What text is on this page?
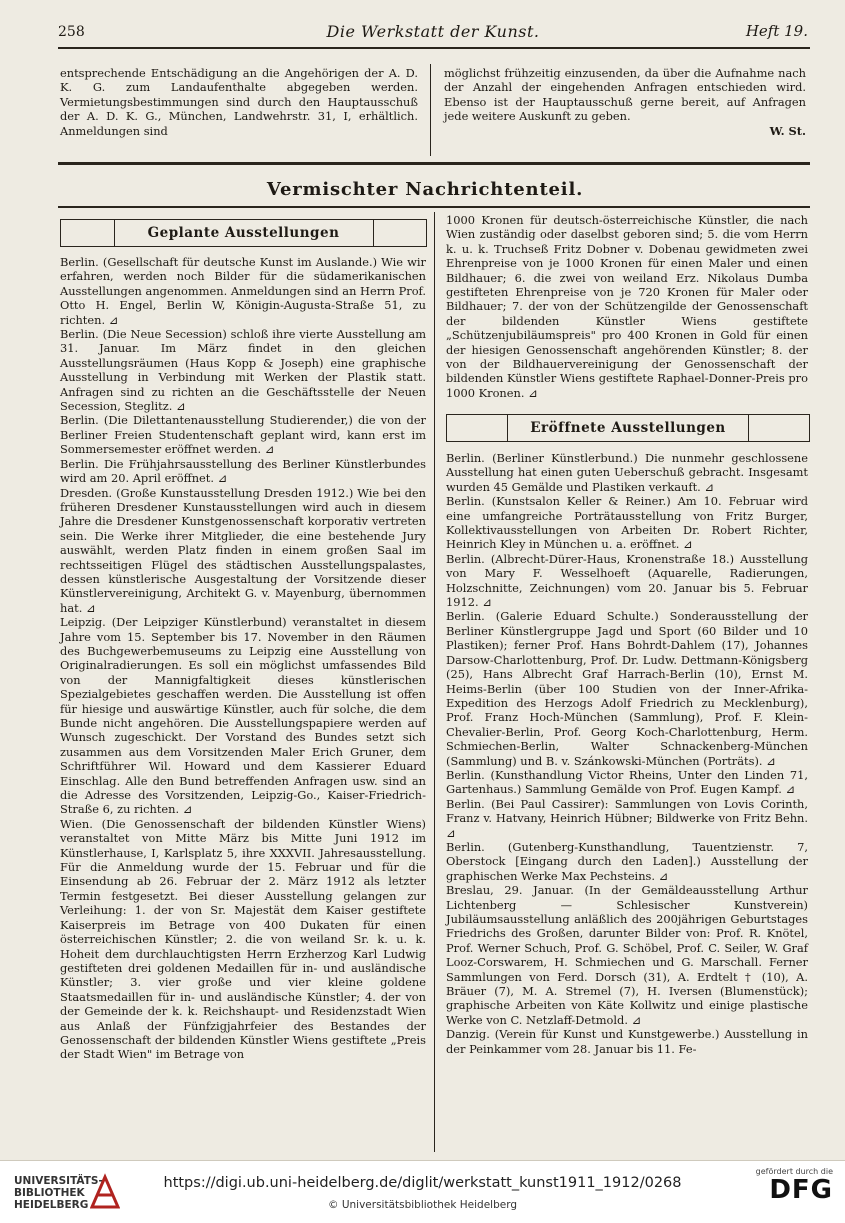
258	Die Werkstatt der Kunst.	Heft 19.

entsprechende Entschädigung an die Angehörigen der A. D. K. G. zum Landaufenthalte abgegeben werden. Vermietungsbestimmungen sind durch den Hauptausschuß der A. D. K. G., München, Landwehrstr. 31, I, erhältlich. Anmeldungen sind

möglichst frühzeitig einzusenden, da über die Aufnahme nach der Anzahl der eingehenden Anfragen entschieden wird. Ebenso ist der Hauptausschuß gerne bereit, auf Anfragen jede weitere Auskunft zu geben.

W. St.

Vermischter Nachrichtenteil.
Geplante Ausstellungen

Berlin. (Gesellschaft für deutsche Kunst im Auslande.) Wie wir erfahren, werden noch Bilder für die südamerikanischen Ausstellungen angenommen. Anmeldungen sind an Herrn Prof. Otto H. Engel, Berlin W, Königin-Augusta-Straße 51, zu richten. ⊿

Berlin. (Die Neue Secession) schloß ihre vierte Ausstellung am 31. Januar. Im März findet in den gleichen Ausstellungsräumen (Haus Kopp & Joseph) eine graphische Ausstellung in Verbindung mit Werken der Plastik statt. Anfragen sind zu richten an die Geschäftsstelle der Neuen Secession, Steglitz. ⊿

Berlin. (Die Dilettantenausstellung Studierender,) die von der Berliner Freien Studentenschaft geplant wird, kann erst im Sommersemester eröffnet werden. ⊿

Berlin. Die Frühjahrsausstellung des Berliner Künstlerbundes wird am 20. April eröffnet. ⊿

Dresden. (Große Kunstausstellung Dresden 1912.) Wie bei den früheren Dresdener Kunstausstellungen wird auch in diesem Jahre die Dresdener Kunstgenossenschaft korporativ vertreten sein. Die Werke ihrer Mitglieder, die eine bestehende Jury auswählt, werden Platz finden in einem großen Saal im rechtsseitigen Flügel des städtischen Ausstellungspalastes, dessen künstlerische Ausgestaltung der Vorsitzende dieser Künstlervereinigung, Architekt G. v. Mayenburg, übernommen hat. ⊿

Leipzig. (Der Leipziger Künstlerbund) veranstaltet in diesem Jahre vom 15. September bis 17. November in den Räumen des Buchgewerbemuseums zu Leipzig eine Ausstellung von Originalradierungen. Es soll ein möglichst umfassendes Bild von der Mannigfaltigkeit dieses künstlerischen Spezialgebietes geschaffen werden. Die Ausstellung ist offen für hiesige und auswärtige Künstler, auch für solche, die dem Bunde nicht angehören. Die Ausstellungspapiere werden auf Wunsch zugeschickt. Der Vorstand des Bundes setzt sich zusammen aus dem Vorsitzenden Maler Erich Gruner, dem Schriftführer Wil. Howard und dem Kassierer Eduard Einschlag. Alle den Bund betreffenden Anfragen usw. sind an die Adresse des Vorsitzenden, Leipzig-Go., Kaiser-Friedrich-Straße 6, zu richten. ⊿

Wien. (Die Genossenschaft der bildenden Künstler Wiens) veranstaltet von Mitte März bis Mitte Juni 1912 im Künstlerhause, I, Karlsplatz 5, ihre XXXVII. Jahresausstellung. Für die Anmeldung wurde der 15. Februar und für die Einsendung ab 26. Februar der 2. März 1912 als letzter Termin festgesetzt. Bei dieser Ausstellung gelangen zur Verleihung: 1. der von Sr. Majestät dem Kaiser gestiftete Kaiserpreis im Betrage von 400 Dukaten für einen österreichischen Künstler; 2. die von weiland Sr. k. u. k. Hoheit dem durchlauchtigsten Herrn Erzherzog Karl Ludwig gestifteten drei goldenen Medaillen für in- und ausländische Künstler; 3. vier große und vier kleine goldene Staatsmedaillen für in- und ausländische Künstler; 4. der von der Gemeinde der k. k. Reichshaupt- und Residenzstadt Wien aus Anlaß der Fünfzigjahrfeier des Bestandes der Genossenschaft der bildenden Künstler Wiens gestiftete „Preis der Stadt Wien" im Betrage von

1000 Kronen für deutsch-österreichische Künstler, die nach Wien zuständig oder daselbst geboren sind; 5. die vom Herrn k. u. k. Truchseß Fritz Dobner v. Dobenau gewidmeten zwei Ehrenpreise von je 1000 Kronen für einen Maler und einen Bildhauer; 6. die zwei von weiland Erz. Nikolaus Dumba gestifteten Ehrenpreise von je 720 Kronen für Maler oder Bildhauer; 7. der von der Schützengilde der Genossenschaft der bildenden Künstler Wiens gestiftete „Schützenjubiläumspreis" pro 400 Kronen in Gold für einen der hiesigen Genossenschaft angehörenden Künstler; 8. der von der Bildhauervereinigung der Genossenschaft der bildenden Künstler Wiens gestiftete Raphael-Donner-Preis pro 1000 Kronen. ⊿

Eröffnete Ausstellungen

Berlin. (Berliner Künstlerbund.) Die nunmehr geschlossene Ausstellung hat einen guten Ueberschuß gebracht. Insgesamt wurden 45 Gemälde und Plastiken verkauft. ⊿

Berlin. (Kunstsalon Keller & Reiner.) Am 10. Februar wird eine umfangreiche Porträtausstellung von Fritz Burger, Kollektivausstellungen von Arbeiten Dr. Robert Richter, Heinrich Kley in München u. a. eröffnet. ⊿

Berlin. (Albrecht-Dürer-Haus, Kronenstraße 18.) Ausstellung von Mary F. Wesselhoeft (Aquarelle, Radierungen, Holzschnitte, Zeichnungen) vom 20. Januar bis 5. Februar 1912. ⊿

Berlin. (Galerie Eduard Schulte.) Sonderausstellung der Berliner Künstlergruppe Jagd und Sport (60 Bilder und 10 Plastiken); ferner Prof. Hans Bohrdt-Dahlem (17), Johannes Darsow-Charlottenburg, Prof. Dr. Ludw. Dettmann-Königsberg (25), Hans Albrecht Graf Harrach-Berlin (10), Ernst M. Heims-Berlin (über 100 Studien von der Inner-Afrika-Expedition des Herzogs Adolf Friedrich zu Mecklenburg), Prof. Franz Hoch-München (Sammlung), Prof. F. Klein-Chevalier-Berlin, Prof. Georg Koch-Charlottenburg, Herm. Schmiechen-Berlin, Walter Schnackenberg-München (Sammlung) und B. v. Szánkowski-München (Porträts). ⊿

Berlin. (Kunsthandlung Victor Rheins, Unter den Linden 71, Gartenhaus.) Sammlung Gemälde von Prof. Eugen Kampf. ⊿

Berlin. (Bei Paul Cassirer): Sammlungen von Lovis Corinth, Franz v. Hatvany, Heinrich Hübner; Bildwerke von Fritz Behn. ⊿

Berlin. (Gutenberg-Kunsthandlung, Tauentzienstr. 7, Oberstock [Eingang durch den Laden].) Ausstellung der graphischen Werke Max Pechsteins. ⊿

Breslau, 29. Januar. (In der Gemäldeausstellung Arthur Lichtenberg — Schlesischer Kunstverein) Jubiläumsausstellung anläßlich des 200jährigen Geburtstages Friedrichs des Großen, darunter Bilder von: Prof. R. Knötel, Prof. Werner Schuch, Prof. G. Schöbel, Prof. C. Seiler, W. Graf Looz-Corswarem, H. Schmiechen und G. Marschall. Ferner Sammlungen von Ferd. Dorsch (31), A. Erdtelt † (10), A. Bräuer (7), M. A. Stremel (7), H. Iversen (Blumenstück); graphische Arbeiten von Käte Kollwitz und einige plastische Werke von C. Netzlaff-Detmold. ⊿

Danzig. (Verein für Kunst und Kunstgewerbe.) Ausstellung in der Peinkammer vom 28. Januar bis 11. Fe-

UNIVERSITÄTS-
BIBLIOTHEK
HEIDELBERG
https://digi.ub.uni-heidelberg.de/diglit/werkstatt_kunst1911_1912/0268
© Universitätsbibliothek Heidelberg
gefördert durch die
DFG
